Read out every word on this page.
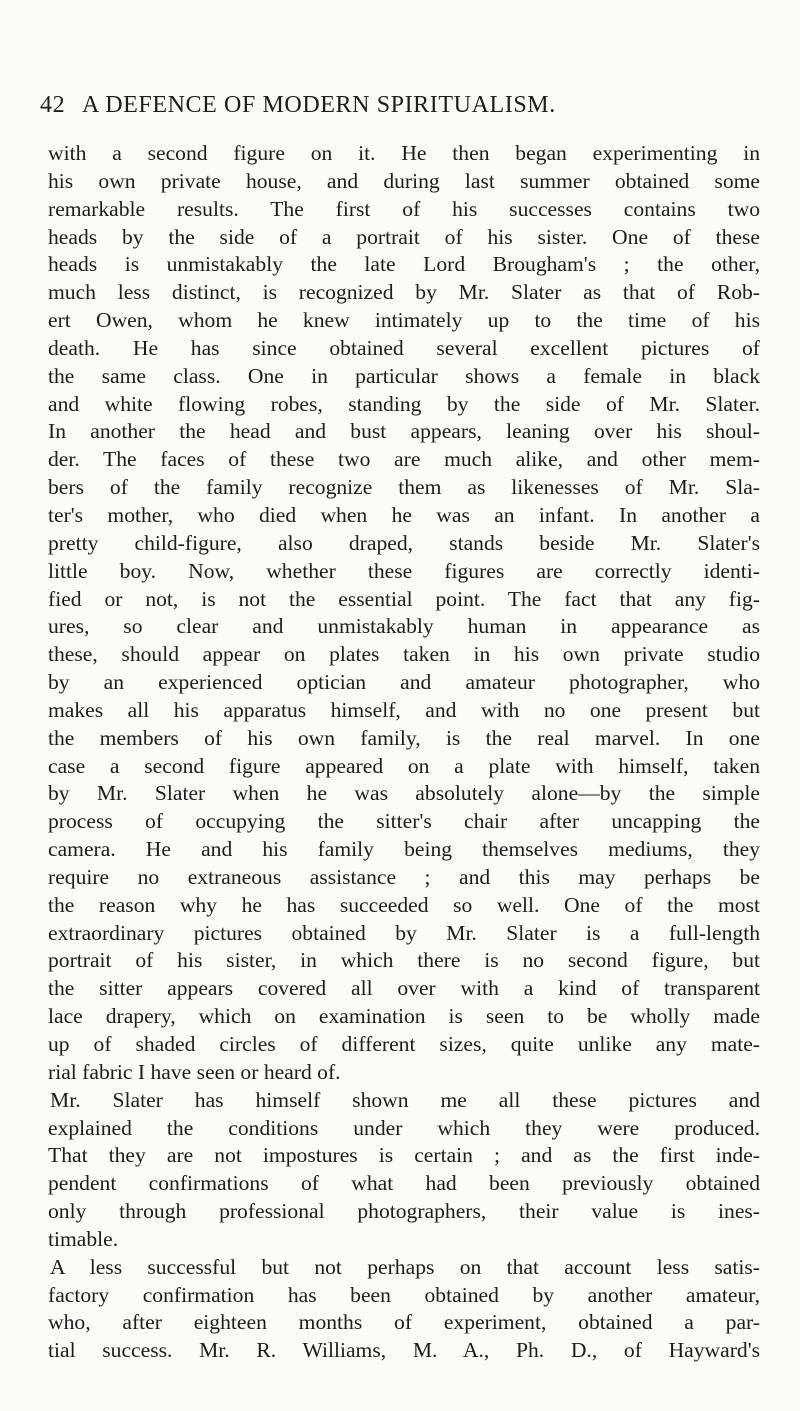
42 A DEFENCE OF MODERN SPIRITUALISM.
with a second figure on it. He then began experimenting in
his own private house, and during last summer obtained some
remarkable results. The first of his successes contains two
heads by the side of a portrait of his sister. One of these
heads is unmistakably the late Lord Brougham's ; the other,
much less distinct, is recognized by Mr. Slater as that of Rob-
ert Owen, whom he knew intimately up to the time of his
death. He has since obtained several excellent pictures of
the same class. One in particular shows a female in black
and white flowing robes, standing by the side of Mr. Slater.
In another the head and bust appears, leaning over his shoul-
der. The faces of these two are much alike, and other mem-
bers of the family recognize them as likenesses of Mr. Sla-
ter's mother, who died when he was an infant. In another a
pretty child-figure, also draped, stands beside Mr. Slater's
little boy. Now, whether these figures are correctly identi-
fied or not, is not the essential point. The fact that any fig-
ures, so clear and unmistakably human in appearance as
these, should appear on plates taken in his own private studio
by an experienced optician and amateur photographer, who
makes all his apparatus himself, and with no one present but
the members of his own family, is the real marvel. In one
case a second figure appeared on a plate with himself, taken
by Mr. Slater when he was absolutely alone—by the simple
process of occupying the sitter's chair after uncapping the
camera. He and his family being themselves mediums, they
require no extraneous assistance ; and this may perhaps be
the reason why he has succeeded so well. One of the most
extraordinary pictures obtained by Mr. Slater is a full-length
portrait of his sister, in which there is no second figure, but
the sitter appears covered all over with a kind of transparent
lace drapery, which on examination is seen to be wholly made
up of shaded circles of different sizes, quite unlike any mate-
rial fabric I have seen or heard of.
Mr. Slater has himself shown me all these pictures and
explained the conditions under which they were produced.
That they are not impostures is certain ; and as the first inde-
pendent confirmations of what had been previously obtained
only through professional photographers, their value is ines-
timable.
A less successful but not perhaps on that account less satis-
factory confirmation has been obtained by another amateur,
who, after eighteen months of experiment, obtained a par-
tial success. Mr. R. Williams, M. A., Ph. D., of Hayward's
